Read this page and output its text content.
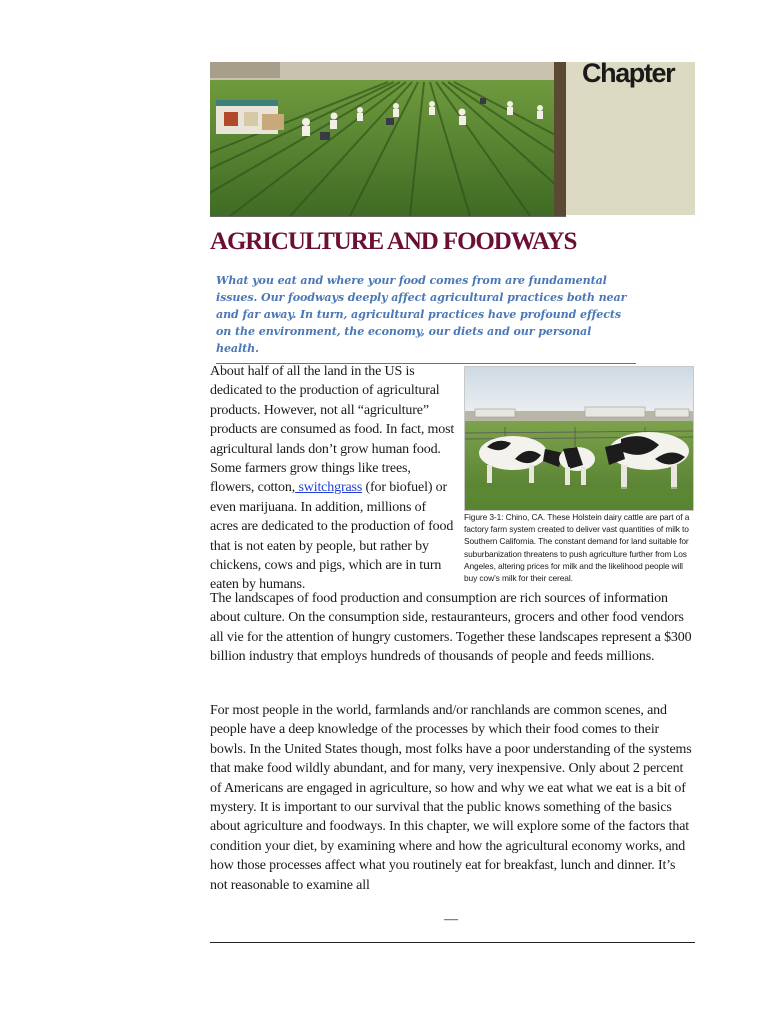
Chapter
AGRICULTURE AND FOODWAYS
What you eat and where your food comes from are fundamental issues. Our foodways deeply affect agricultural practices both near and far away. In turn, agricultural practices have profound effects on the environment, the economy, our diets and our personal health.

About half of all the land in the US is dedicated to the production of agricultural products. However, not all “agriculture” products are consumed as food. In fact, most agricultural lands don’t grow human food. Some farmers grow things like trees, flowers, cotton, switchgrass (for biofuel) or even marijuana. In addition, millions of acres are dedicated to the production of food that is not eaten by people, but rather by chickens, cows and pigs, which are in turn eaten by humans.

Figure 3-1: Chino, CA. These Holstein dairy cattle are part of a factory farm system created to deliver vast quantities of milk to Southern California. The constant demand for land suitable for suburbanization threatens to push agriculture further from Los Angeles, altering prices for milk and the likelihood people will buy cow’s milk for their cereal.

The landscapes of food production and consumption are rich sources of information about culture. On the consumption side, restauranteurs, grocers and other food vendors all vie for the attention of hungry customers. Together these landscapes represent a $300 billion industry that employs hundreds of thousands of people and feeds millions.

For most people in the world, farmlands and/or ranchlands are common scenes, and people have a deep knowledge of the processes by which their food comes to their bowls. In the United States though, most folks have a poor understanding of the systems that make food wildly abundant, and for many, very inexpensive. Only about 2 percent of Americans are engaged in agriculture, so how and why we eat what we eat is a bit of mystery. It is important to our survival that the public knows something of the basics about agriculture and foodways. In this chapter, we will explore some of the factors that condition your diet, by examining where and how the agricultural economy works, and how those processes affect what you routinely eat for breakfast, lunch and dinner. It’s not reasonable to examine all

—
